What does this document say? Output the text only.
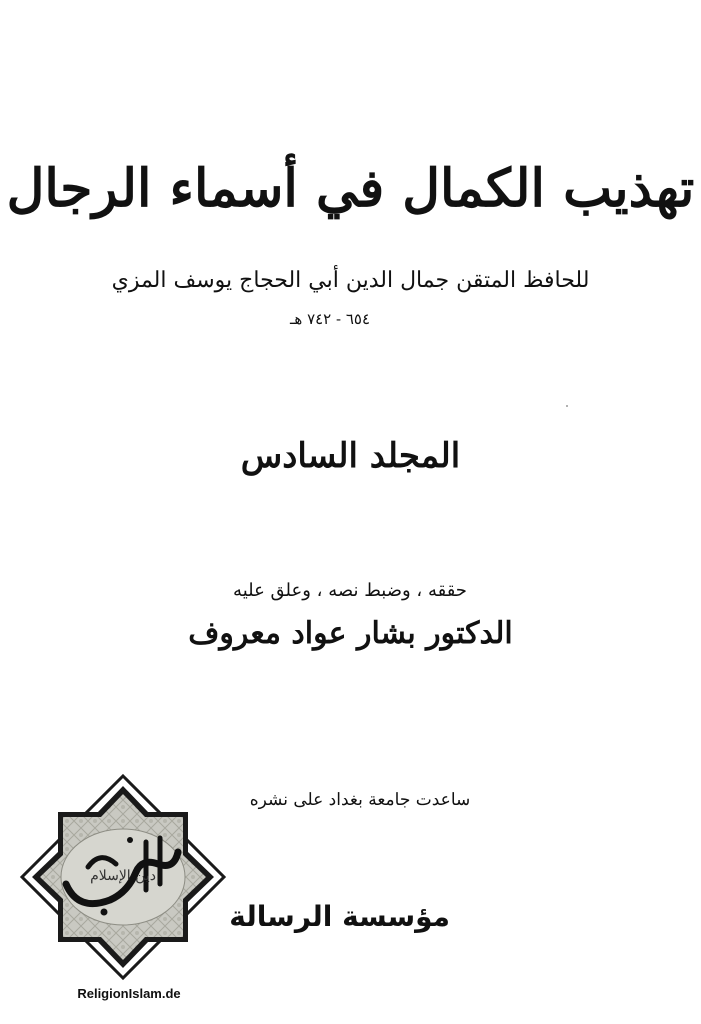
تهذيب الكمال في أسماء الرجال
للحافظ المتقن جمال الدين أبي الحجاج يوسف المزي
٦٥٤ - ٧٤٢ هـ
المجلد السادس
حققه ، وضبط نصه ، وعلق عليه
الدكتور بشار عواد معروف
ساعدت جامعة بغداد على نشره
مؤسسة الرسالة
دين الإسلام
ReligionIslam.de
